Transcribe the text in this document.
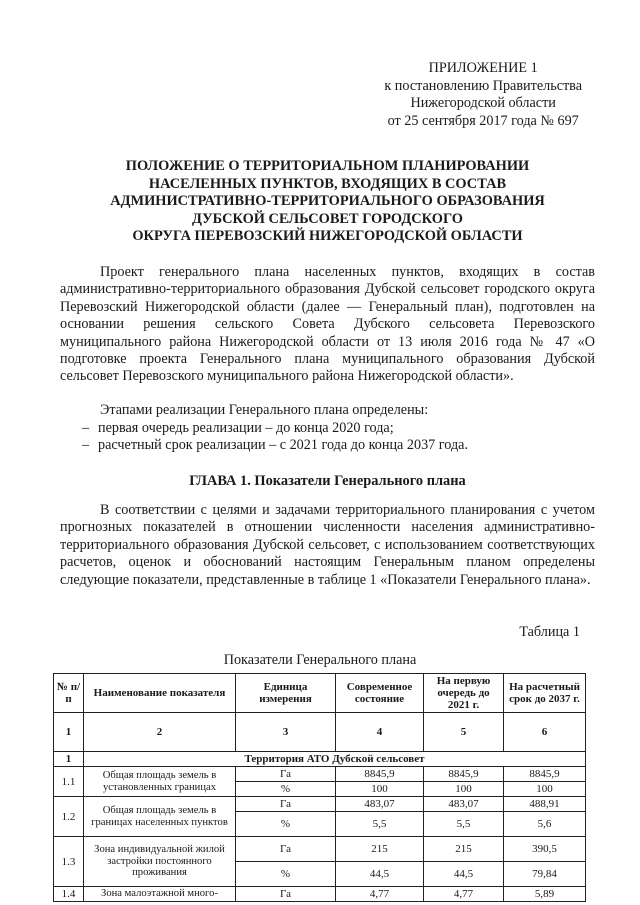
ПРИЛОЖЕНИЕ 1
к постановлению Правительства
Нижегородской области
от 25 сентября 2017 года № 697
ПОЛОЖЕНИЕ О ТЕРРИТОРИАЛЬНОМ ПЛАНИРОВАНИИ
НАСЕЛЕННЫХ ПУНКТОВ, ВХОДЯЩИХ В СОСТАВ
АДМИНИСТРАТИВНО-ТЕРРИТОРИАЛЬНОГО ОБРАЗОВАНИЯ
ДУБСКОЙ СЕЛЬСОВЕТ ГОРОДСКОГО
ОКРУГА ПЕРЕВОЗСКИЙ НИЖЕГОРОДСКОЙ ОБЛАСТИ
Проект генерального плана населенных пунктов, входящих в состав административно-территориального образования Дубской сельсовет городского округа Перевозский Нижегородской области (далее — Генеральный план), подготовлен на основании решения сельского Совета Дубского сельсовета Перевозского муниципального района Нижегородской области от 13 июля 2016 года № 47 «О подготовке проекта Генерального плана муниципального образования Дубской сельсовет Перевозского муниципального района Нижегородской области».
Этапами реализации Генерального плана определены:
– первая очередь реализации – до конца 2020 года;
– расчетный срок реализации – с 2021 года до конца 2037 года.
ГЛАВА 1. Показатели Генерального плана
В соответствии с целями и задачами территориального планирования с учетом прогнозных показателей в отношении численности населения административно-территориального образования Дубской сельсовет, с использованием соответствующих расчетов, оценок и обоснований настоящим Генеральным планом определены следующие показатели, представленные в таблице 1 «Показатели Генерального плана».
Таблица 1
Показатели Генерального плана
№ п/п	Наименование показателя	Единица измерения	Современное состояние	На первую очередь до 2021 г.	На расчетный срок до 2037 г.
1	2	3	4	5	6
1	Территория АТО Дубской сельсовет				
1.1	Общая площадь земель в установленных границах	Га	8845,9	8845,9	8845,9
		%	100	100	100
1.2	Общая площадь земель в границах населенных пунктов	Га	483,07	483,07	488,91
		%	5,5	5,5	5,6
1.3	Зона индивидуальной жилой застройки постоянного проживания	Га	215	215	390,5
		%	44,5	44,5	79,84
1.4	Зона малоэтажной много-	Га	4,77	4,77	5,89
